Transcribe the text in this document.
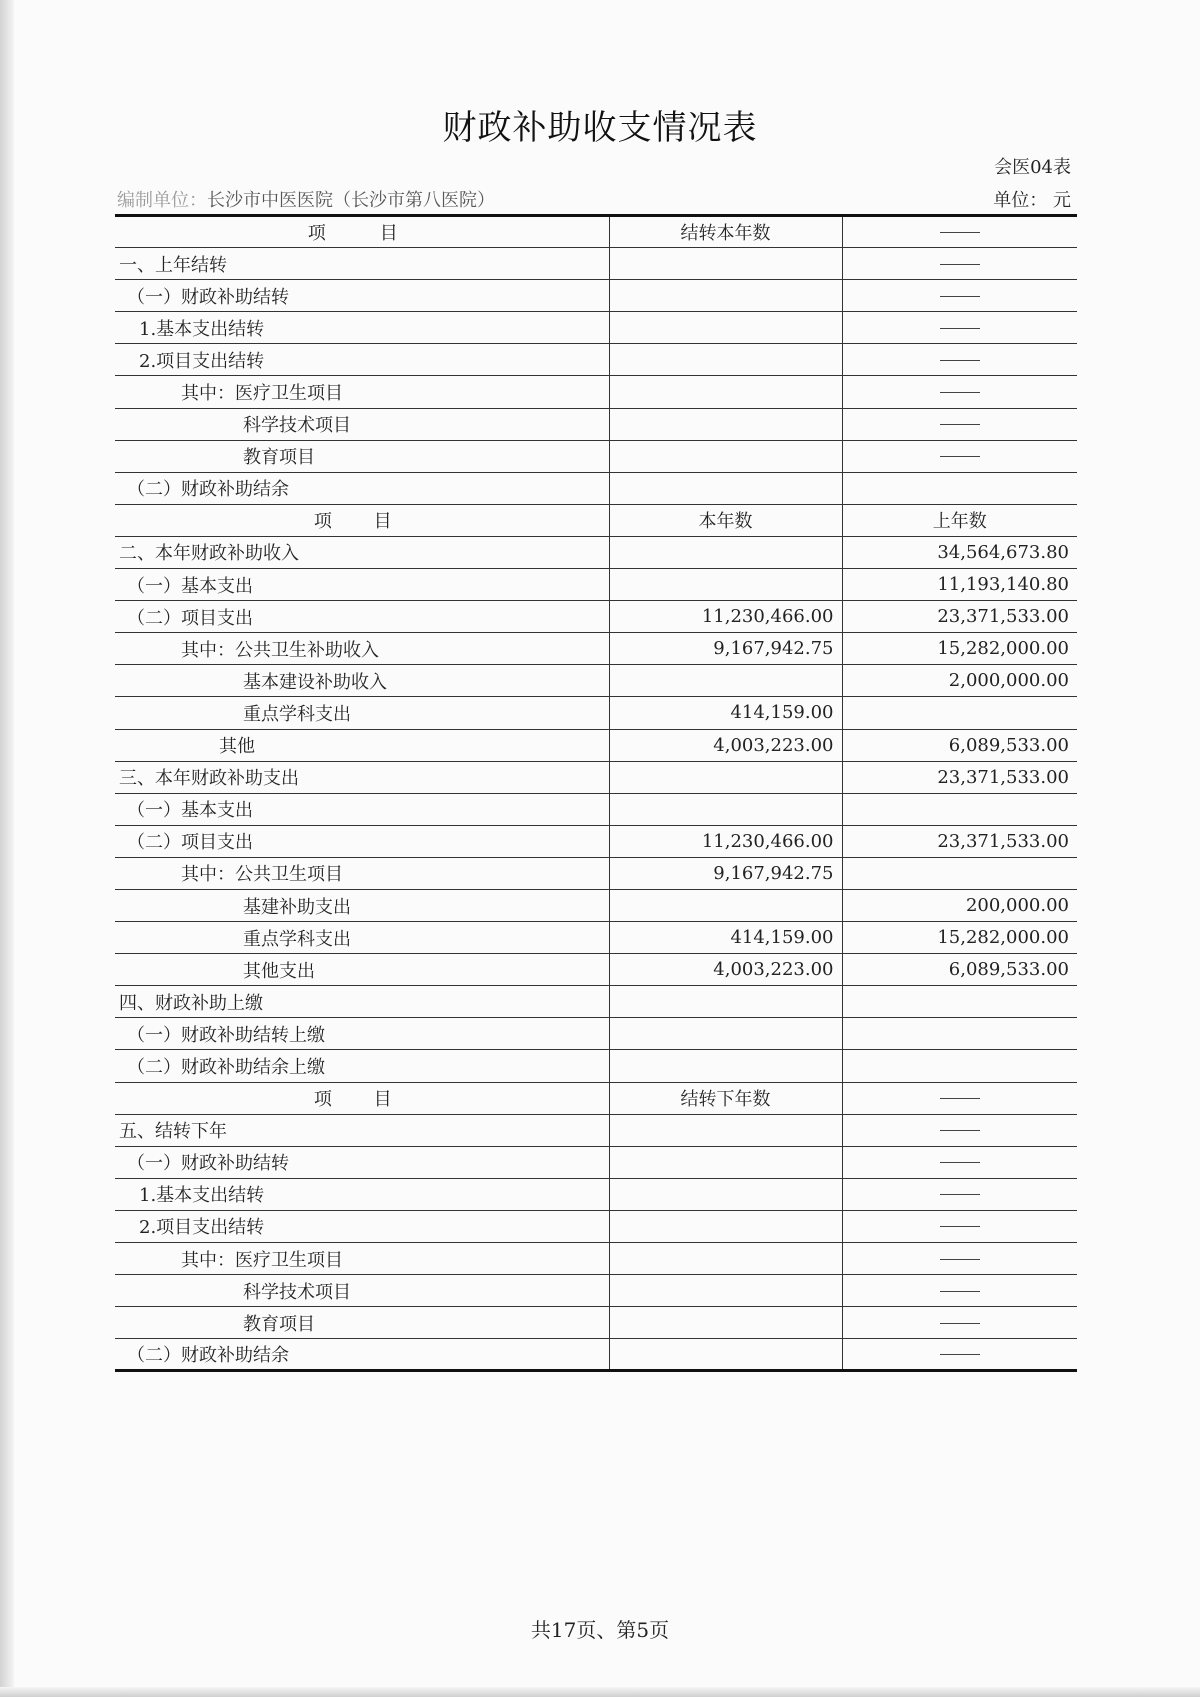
财政补助收支情况表
会医04表
编制单位：长沙市中医医院（长沙市第八医院）	单位： 元
项　目	结转本年数	
一、上年结转		
（一）财政补助结转		
1.基本支出结转		
2.项目支出结转		
其中：医疗卫生项目		
科学技术项目		
教育项目		
（二）财政补助结余		
项 目	本年数	上年数
二、本年财政补助收入		34,564,673.80
（一）基本支出		11,193,140.80
（二）项目支出	11,230,466.00	23,371,533.00
其中：公共卫生补助收入	9,167,942.75	15,282,000.00
基本建设补助收入		2,000,000.00
重点学科支出	414,159.00	
其他	4,003,223.00	6,089,533.00
三、本年财政补助支出		23,371,533.00
（一）基本支出		
（二）项目支出	11,230,466.00	23,371,533.00
其中：公共卫生项目	9,167,942.75	
基建补助支出		200,000.00
重点学科支出	414,159.00	15,282,000.00
其他支出	4,003,223.00	6,089,533.00
四、财政补助上缴		
（一）财政补助结转上缴		
（二）财政补助结余上缴		
项 目	结转下年数	
五、结转下年		
（一）财政补助结转		
1.基本支出结转		
2.项目支出结转		
其中：医疗卫生项目		
科学技术项目		
教育项目		
（二）财政补助结余		
共17页、第5页
